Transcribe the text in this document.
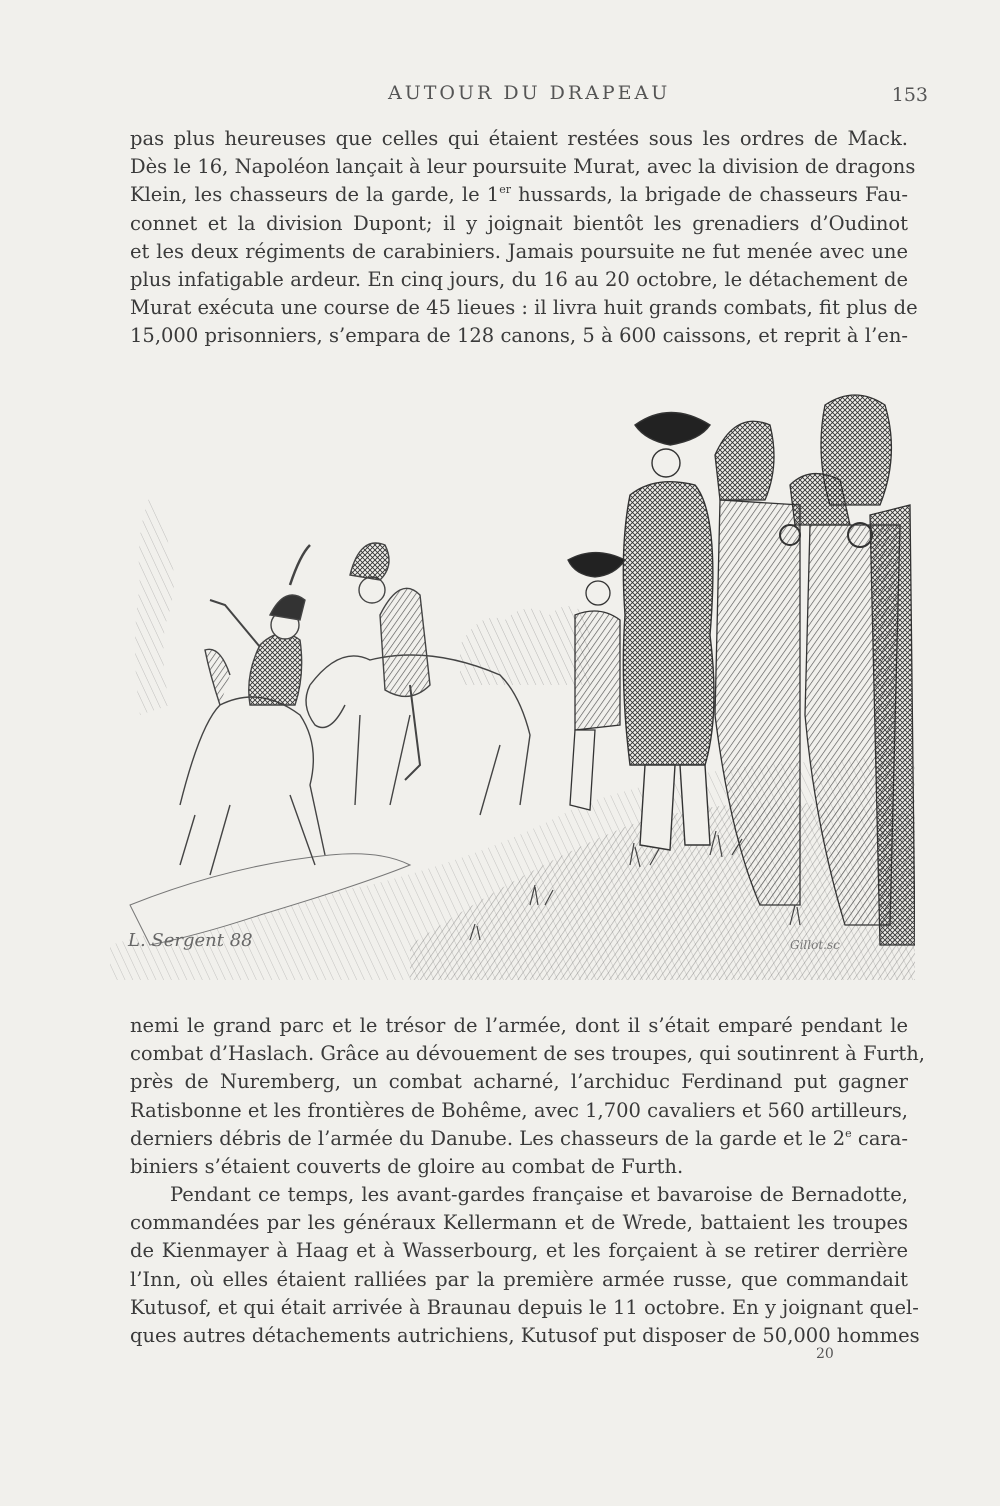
AUTOUR DU DRAPEAU	153
pas plus heureuses que celles qui étaient restées sous les ordres de Mack.
Dès le 16, Napoléon lançait à leur poursuite Murat, avec la division de dragons
Klein, les chasseurs de la garde, le 1er hussards, la brigade de chasseurs Fau-
connet et la division Dupont; il y joignait bientôt les grenadiers d’Oudinot
et les deux régiments de carabiniers. Jamais poursuite ne fut menée avec une
plus infatigable ardeur. En cinq jours, du 16 au 20 octobre, le détachement de
Murat exécuta une course de 45 lieues : il livra huit grands combats, fit plus de
15,000 prisonniers, s’empara de 128 canons, 5 à 600 caissons, et reprit à l’en-
L. Sergent 88	Gillot.sc
nemi le grand parc et le trésor de l’armée, dont il s’était emparé pendant le
combat d’Haslach. Grâce au dévouement de ses troupes, qui soutinrent à Furth,
près de Nuremberg, un combat acharné, l’archiduc Ferdinand put gagner
Ratisbonne et les frontières de Bohême, avec 1,700 cavaliers et 560 artilleurs,
derniers débris de l’armée du Danube. Les chasseurs de la garde et le 2e cara-
biniers s’étaient couverts de gloire au combat de Furth.
Pendant ce temps, les avant-gardes française et bavaroise de Bernadotte,
commandées par les généraux Kellermann et de Wrede, battaient les troupes
de Kienmayer à Haag et à Wasserbourg, et les forçaient à se retirer derrière
l’Inn, où elles étaient ralliées par la première armée russe, que commandait
Kutusof, et qui était arrivée à Braunau depuis le 11 octobre. En y joignant quel-
ques autres détachements autrichiens, Kutusof put disposer de 50,000 hommes
20
